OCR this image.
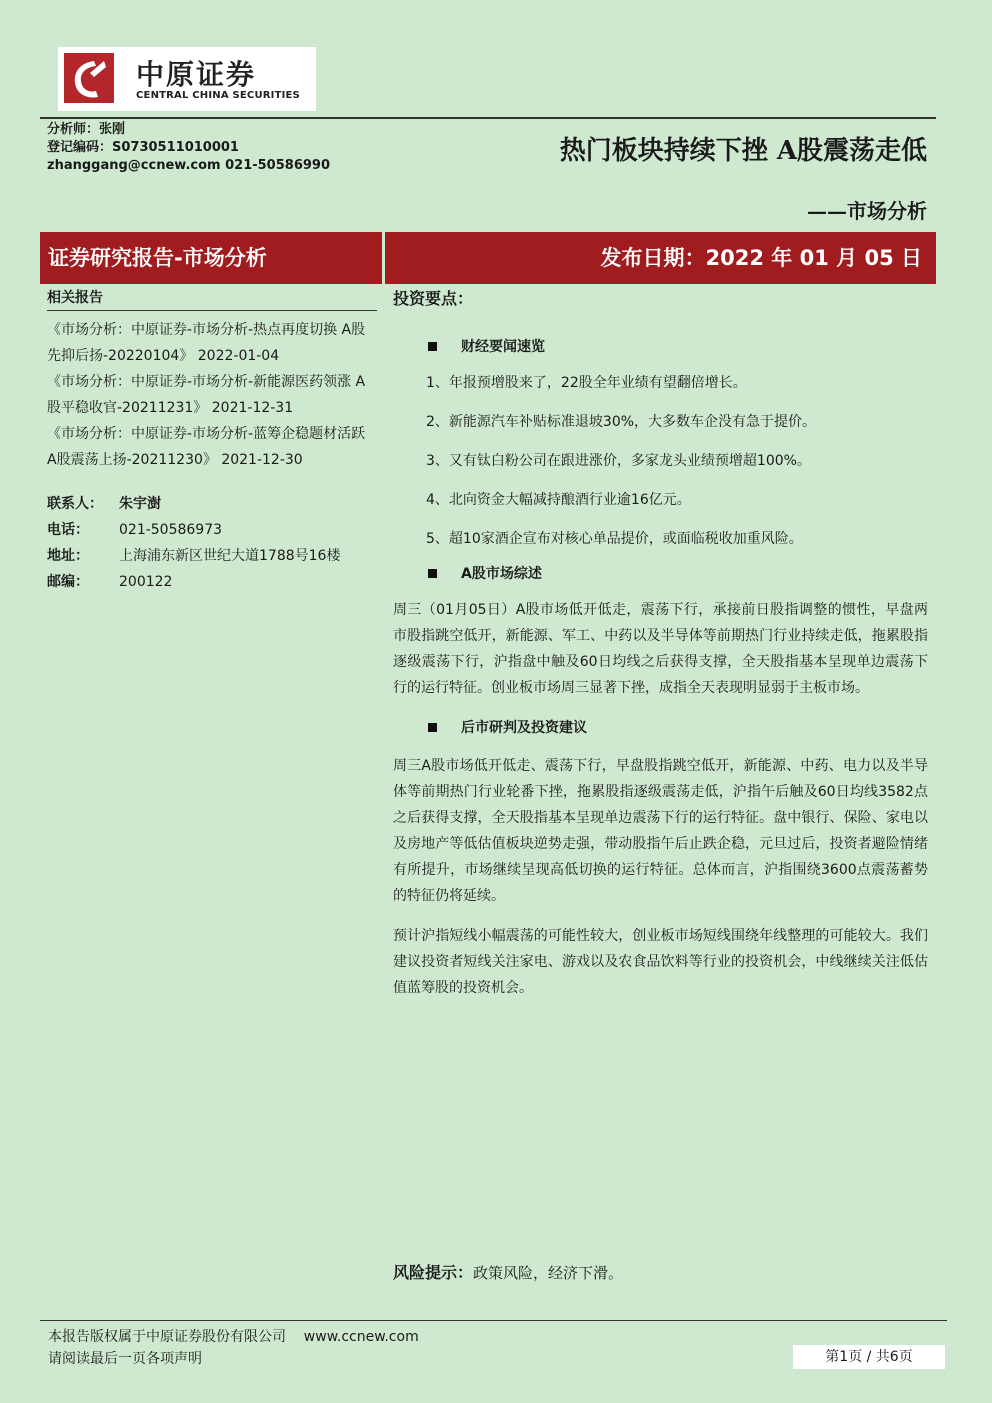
中原证券
CENTRAL CHINA SECURITIES
分析师：张刚
登记编码：S0730511010001
zhanggang@ccnew.com 021-50586990	热门板块持续下挫 A股震荡走低
——市场分析
证券研究报告-市场分析	发布日期：2022 年 01 月 05 日
相关报告

《市场分析：中原证券-市场分析-热点再度切换 A股先抑后扬-20220104》 2022-01-04

《市场分析：中原证券-市场分析-新能源医药领涨 A股平稳收官-20211231》 2021-12-31

《市场分析：中原证券-市场分析-蓝筹企稳题材活跃 A股震荡上扬-20211230》 2021-12-30

联系人：	朱宇澍
电话：	021-50586973
地址：	上海浦东新区世纪大道1788号16楼
邮编：	200122
投资要点：
财经要闻速览
1、年报预增股来了，22股全年业绩有望翻倍增长。
2、新能源汽车补贴标准退坡30%，大多数车企没有急于提价。
3、又有钛白粉公司在跟进涨价，多家龙头业绩预增超100%。
4、北向资金大幅减持酿酒行业逾16亿元。
5、超10家酒企宣布对核心单品提价，或面临税收加重风险。
A股市场综述

周三（01月05日）A股市场低开低走，震荡下行，承接前日股指调整的惯性，早盘两市股指跳空低开，新能源、军工、中药以及半导体等前期热门行业持续走低，拖累股指逐级震荡下行，沪指盘中触及60日均线之后获得支撑，全天股指基本呈现单边震荡下行的运行特征。创业板市场周三显著下挫，成指全天表现明显弱于主板市场。

后市研判及投资建议

周三A股市场低开低走、震荡下行，早盘股指跳空低开，新能源、中药、电力以及半导体等前期热门行业轮番下挫，拖累股指逐级震荡走低，沪指午后触及60日均线3582点之后获得支撑，全天股指基本呈现单边震荡下行的运行特征。盘中银行、保险、家电以及房地产等低估值板块逆势走强，带动股指午后止跌企稳，元旦过后，投资者避险情绪有所提升，市场继续呈现高低切换的运行特征。总体而言，沪指围绕3600点震荡蓄势的特征仍将延续。

预计沪指短线小幅震荡的可能性较大，创业板市场短线围绕年线整理的可能较大。我们建议投资者短线关注家电、游戏以及农食品饮料等行业的投资机会，中线继续关注低估值蓝筹股的投资机会。

风险提示：政策风险，经济下滑。
本报告版权属于中原证券股份有限公司    www.ccnew.com
请阅读最后一页各项声明	第1页 / 共6页
